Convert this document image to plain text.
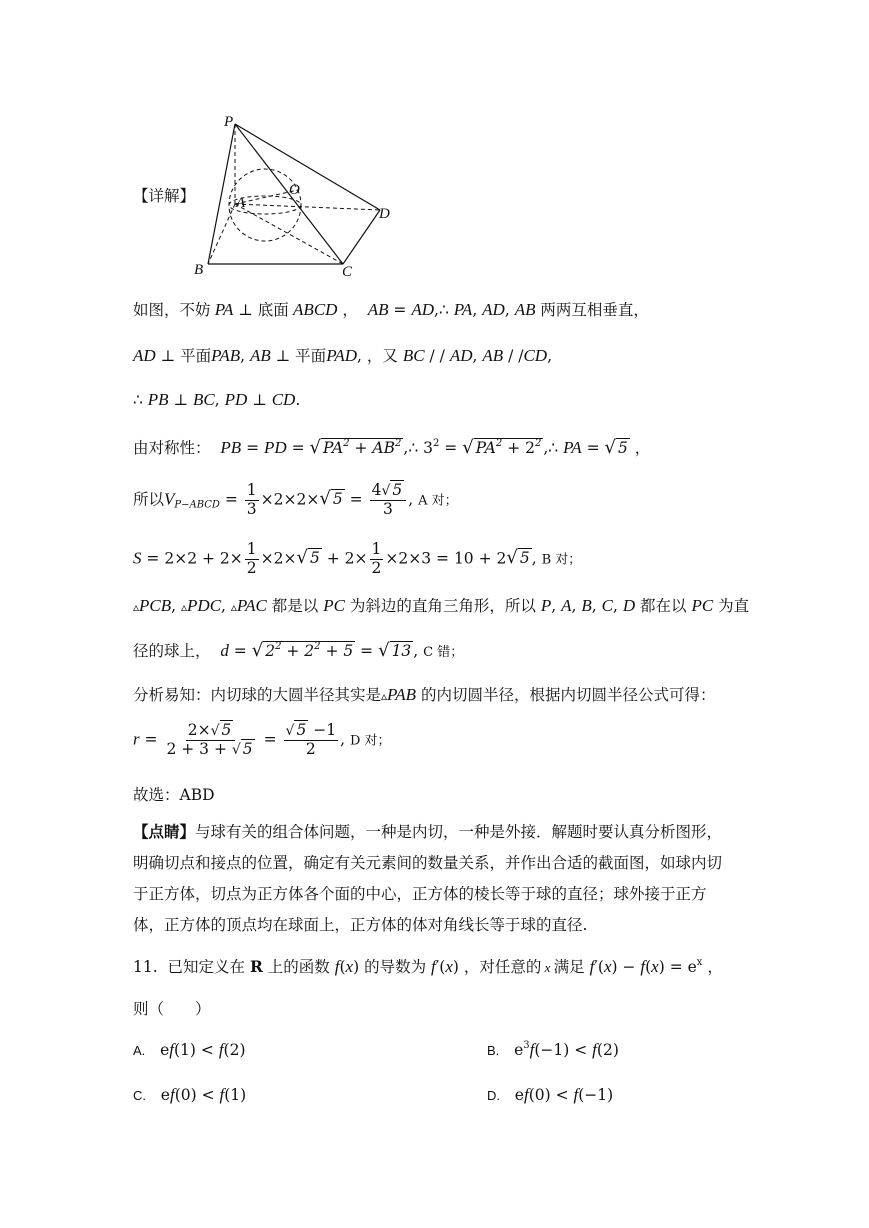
【详解】
P
O
A
D
B	C
如图，不妨 PA ⊥ 底面 ABCD ，  AB = AD,∴ PA, AD, AB 两两互相垂直，
AD ⊥ 平面PAB, AB ⊥ 平面PAD, ，又 BC / / AD, AB / /CD,
∴ PB ⊥ BC, PD ⊥ CD.
由对称性： PB = PD = √ $PA^2 + AB^2$ ,∴ $3^2$ = √ $PA^2 + 2^2$ ,∴ PA = √ 5 ，
所以$V_{P-ABCD} = \frac{1}{3} \times 2\times 2\times√$ $5 = \frac{4√ 5}{3}$ , A 对；
$S = 2\times 2 + 2\times \frac{1}{2} \times 2\times√$ $5 + 2\times \frac{1}{2} \times 2\times 3 = 10 + 2√$ 5 , B 对；
▵PCB, ▵PDC, ▵PAC 都是以 PC 为斜边的直角三角形，所以 P, A, B, C, D 都在以 PC 为直
径的球上， d = √ $2^2 + 2^2 + 5$ = √ 13 , C 错；
分析易知：内切球的大圆半径其实是▵PAB 的内切圆半径，根据内切圆半径公式可得：
$r = \frac{2\times√ 5}{2 + 3 + √ 5} = \frac{√ 5 -1}{2}$ , D 对；
故选：ABD
【点睛】与球有关的组合体问题，一种是内切，一种是外接．解题时要认真分析图形，明确切点和接点的位置，确定有关元素间的数量关系，并作出合适的截面图，如球内切于正方体，切点为正方体各个面的中心，正方体的棱长等于球的直径；球外接于正方体，正方体的顶点均在球面上，正方体的体对角线长等于球的直径.
11. 已知定义在 R 上的函数 f(x) 的导数为 f′(x) ，对任意的 x 满足 $f'(x) - f(x) = e^x$ ，
则（　　）
A.   ef(1) < f(2)	B.   $e^3f(-1) < f(2)$
C.   ef(0) < f(1)	D.   ef(0) < f(−1)
